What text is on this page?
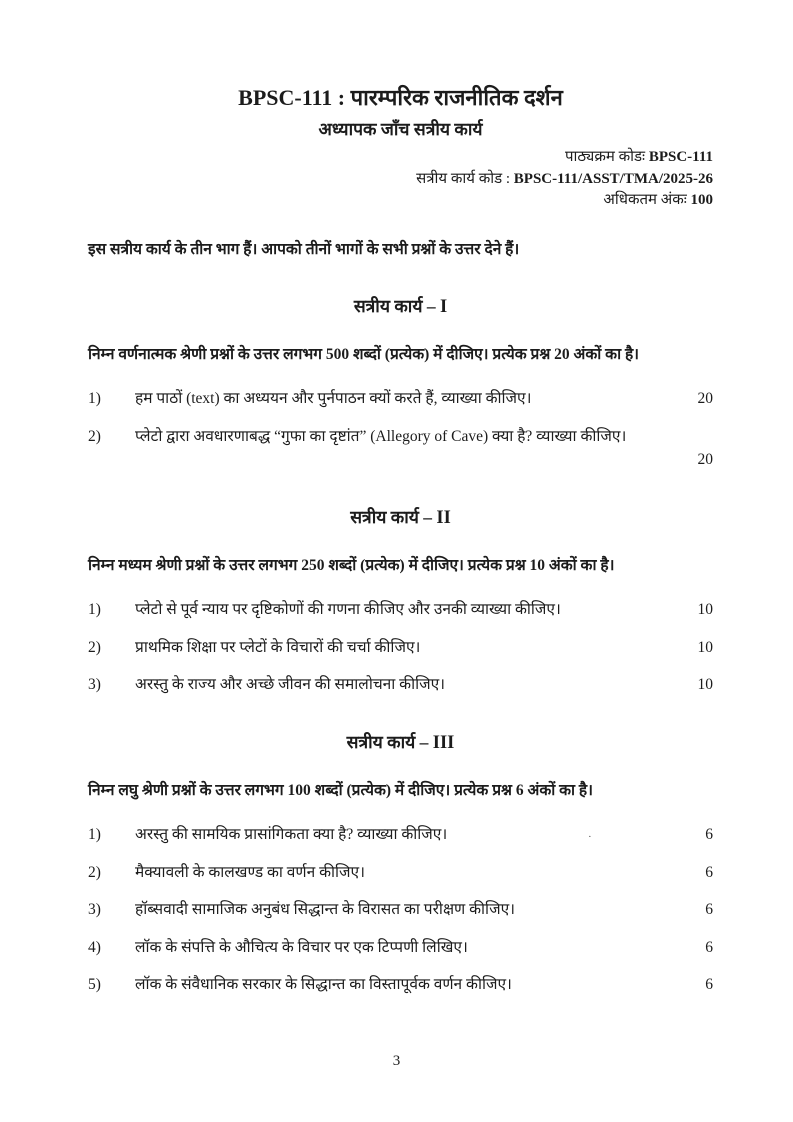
BPSC-111 : पारम्परिक राजनीतिक दर्शन
अध्यापक जाँच सत्रीय कार्य
पाठ्यक्रम कोडः BPSC-111
सत्रीय कार्य कोड : BPSC-111/ASST/TMA/2025-26
अधिकतम अंकः 100
इस सत्रीय कार्य के तीन भाग हैं। आपको तीनों भागों के सभी प्रश्नों के उत्तर देने हैं।
सत्रीय कार्य – I
निम्न वर्णनात्मक श्रेणी प्रश्नों के उत्तर लगभग 500 शब्दों (प्रत्येक) में दीजिए। प्रत्येक प्रश्न 20 अंकों का है।
1)	हम पाठों (text) का अध्ययन और पुर्नपाठन क्यों करते हैं, व्याख्या कीजिए।	20
2)	प्लेटो द्वारा अवधारणाबद्ध “गुफा का दृष्टांत” (Allegory of Cave) क्या है? व्याख्या कीजिए।
20
सत्रीय कार्य – II
निम्न मध्यम श्रेणी प्रश्नों के उत्तर लगभग 250 शब्दों (प्रत्येक) में दीजिए। प्रत्येक प्रश्न 10 अंकों का है।
1)	प्लेटो से पूर्व न्याय पर दृष्टिकोणों की गणना कीजिए और उनकी व्याख्या कीजिए।	10
2)	प्राथमिक शिक्षा पर प्लेटों के विचारों की चर्चा कीजिए।	10
3)	अरस्तु के राज्य और अच्छे जीवन की समालोचना कीजिए।	10
सत्रीय कार्य – III
निम्न लघु श्रेणी प्रश्नों के उत्तर लगभग 100 शब्दों (प्रत्येक) में दीजिए। प्रत्येक प्रश्न 6 अंकों का है।
1)	अरस्तु की सामयिक प्रासांगिकता क्या है? व्याख्या कीजिए।	6
2)	मैक्यावली के कालखण्ड का वर्णन कीजिए।	6
3)	हॉब्सवादी सामाजिक अनुबंध सिद्धान्त के विरासत का परीक्षण कीजिए।	6
4)	लॉक के संपत्ति के औचित्य के विचार पर एक टिप्पणी लिखिए।	6
5)	लॉक के संवैधानिक सरकार के सिद्धान्त का विस्तापूर्वक वर्णन कीजिए।	6
·
3
